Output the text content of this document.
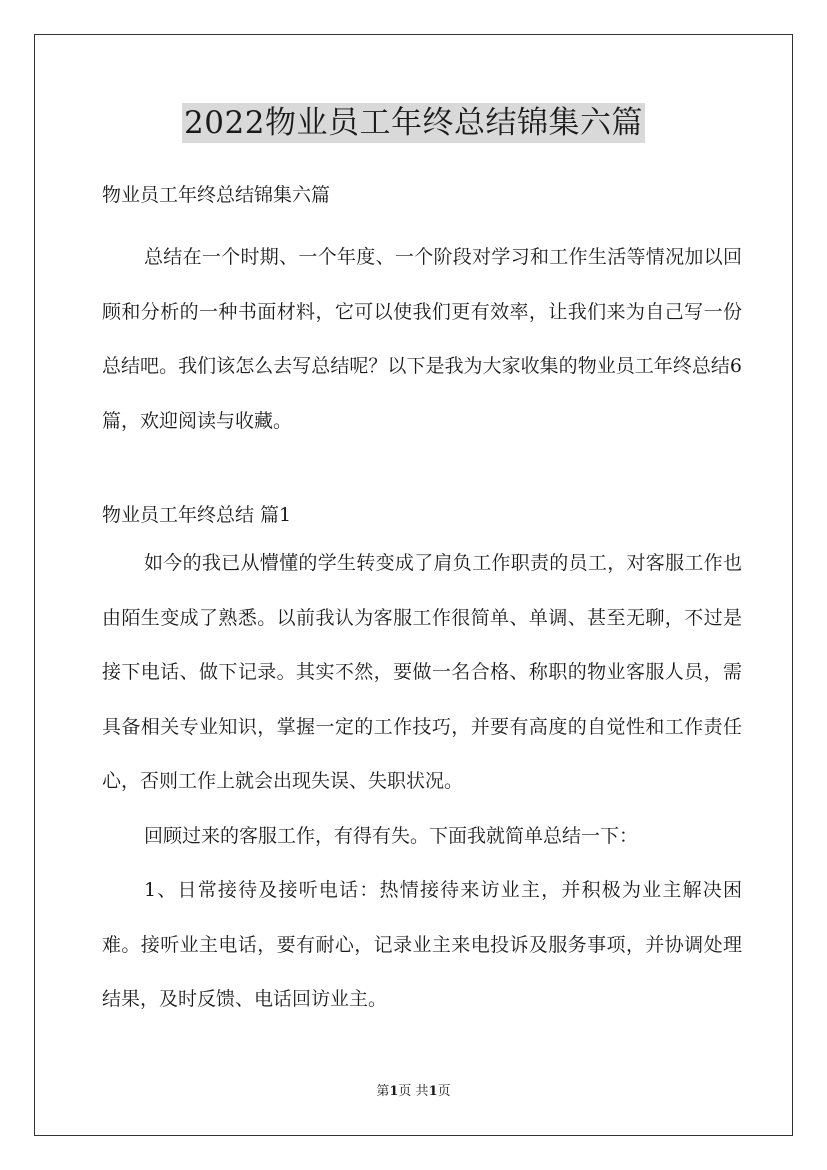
2022物业员工年终总结锦集六篇
物业员工年终总结锦集六篇

总结在一个时期、一个年度、一个阶段对学习和工作生活等情况加以回顾和分析的一种书面材料，它可以使我们更有效率，让我们来为自己写一份总结吧。我们该怎么去写总结呢？以下是我为大家收集的物业员工年终总结6篇，欢迎阅读与收藏。

物业员工年终总结 篇1

如今的我已从懵懂的学生转变成了肩负工作职责的员工，对客服工作也由陌生变成了熟悉。以前我认为客服工作很简单、单调、甚至无聊，不过是接下电话、做下记录。其实不然，要做一名合格、称职的物业客服人员，需具备相关专业知识，掌握一定的工作技巧，并要有高度的自觉性和工作责任心，否则工作上就会出现失误、失职状况。

回顾过来的客服工作，有得有失。下面我就简单总结一下：

1、日常接待及接听电话：热情接待来访业主，并积极为业主解决困难。接听业主电话，要有耐心，记录业主来电投诉及服务事项，并协调处理结果，及时反馈、电话回访业主。

第1页 共1页
